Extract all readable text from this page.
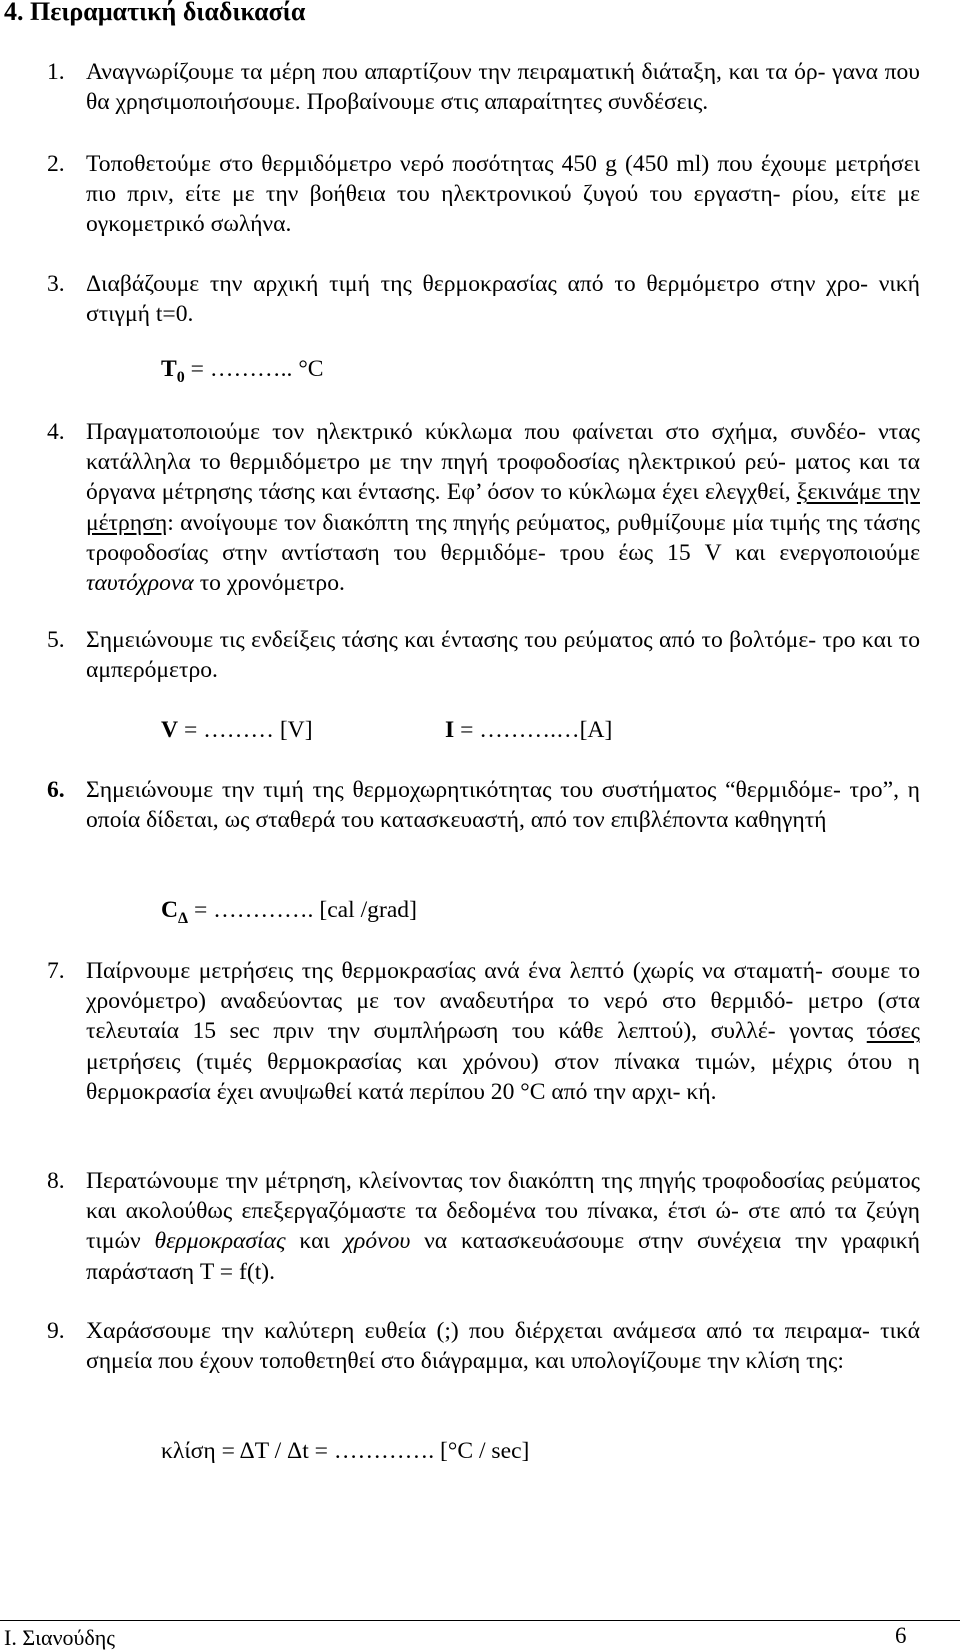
4. Πειραματική διαδικασία
1. Αναγνωρίζουμε τα μέρη που απαρτίζουν την πειραματική διάταξη, και τα όρ- γανα που θα χρησιμοποιήσουμε. Προβαίνουμε στις απαραίτητες συνδέσεις.
2. Τοποθετούμε στο θερμιδόμετρο νερό ποσότητας 450 g (450 ml) που έχουμε μετρήσει πιο πριν, είτε με την βοήθεια του ηλεκτρονικού ζυγού του εργαστη- ρίου, είτε με ογκομετρικό σωλήνα.
3. Διαβάζουμε την αρχική τιμή της θερμοκρασίας από το θερμόμετρο στην χρο- νική στιγμή t=0.
$T_0$ = ……….. °C
4. Πραγματοποιούμε τον ηλεκτρικό κύκλωμα που φαίνεται στο σχήμα, συνδέο- ντας κατάλληλα το θερμιδόμετρο με την πηγή τροφοδοσίας ηλεκτρικού ρεύ- ματος και τα όργανα μέτρησης τάσης και έντασης. Εφ’ όσον το κύκλωμα έχει ελεγχθεί, ξεκινάμε την μέτρηση: ανοίγουμε τον διακόπτη της πηγής ρεύματος, ρυθμίζουμε μία τιμής της τάσης τροφοδοσίας στην αντίσταση του θερμιδόμε- τρου έως 15 V και ενεργοποιούμε ταυτόχρονα το χρονόμετρο.
5. Σημειώνουμε τις ενδείξεις τάσης και έντασης του ρεύματος από το βολτόμε- τρο και το αμπερόμετρο.
V = ……… [V]	I = ……….…[A]
6. Σημειώνουμε την τιμή της θερμοχωρητικότητας του συστήματος “θερμιδόμε- τρο”, η οποία δίδεται, ως σταθερά του κατασκευαστή, από τον επιβλέποντα καθηγητή
$C_\Delta$ = …………. [cal /grad]
7. Παίρνουμε μετρήσεις της θερμοκρασίας ανά ένα λεπτό (χωρίς να σταματή- σουμε το χρονόμετρο) αναδεύοντας με τον αναδευτήρα το νερό στο θερμιδό- μετρο (στα τελευταία 15 sec πριν την συμπλήρωση του κάθε λεπτού), συλλέ- γοντας τόσες μετρήσεις (τιμές θερμοκρασίας και χρόνου) στον πίνακα τιμών, μέχρις ότου η θερμοκρασία έχει ανυψωθεί κατά περίπου 20 °C από την αρχι- κή.
8. Περατώνουμε την μέτρηση, κλείνοντας τον διακόπτη της πηγής τροφοδοσίας ρεύματος και ακολούθως επεξεργαζόμαστε τα δεδομένα του πίνακα, έτσι ώ- στε από τα ζεύγη τιμών θερμοκρασίας και χρόνου να κατασκευάσουμε στην συνέχεια την γραφική παράσταση T = f(t).
9. Χαράσσουμε την καλύτερη ευθεία (;) που διέρχεται ανάμεσα από τα πειραμα- τικά σημεία που έχουν τοποθετηθεί στο διάγραμμα, και υπολογίζουμε την κλίση της:
κλίση = ΔT / Δt = …………. [°C / sec]
Ι. Σιανούδης	6
